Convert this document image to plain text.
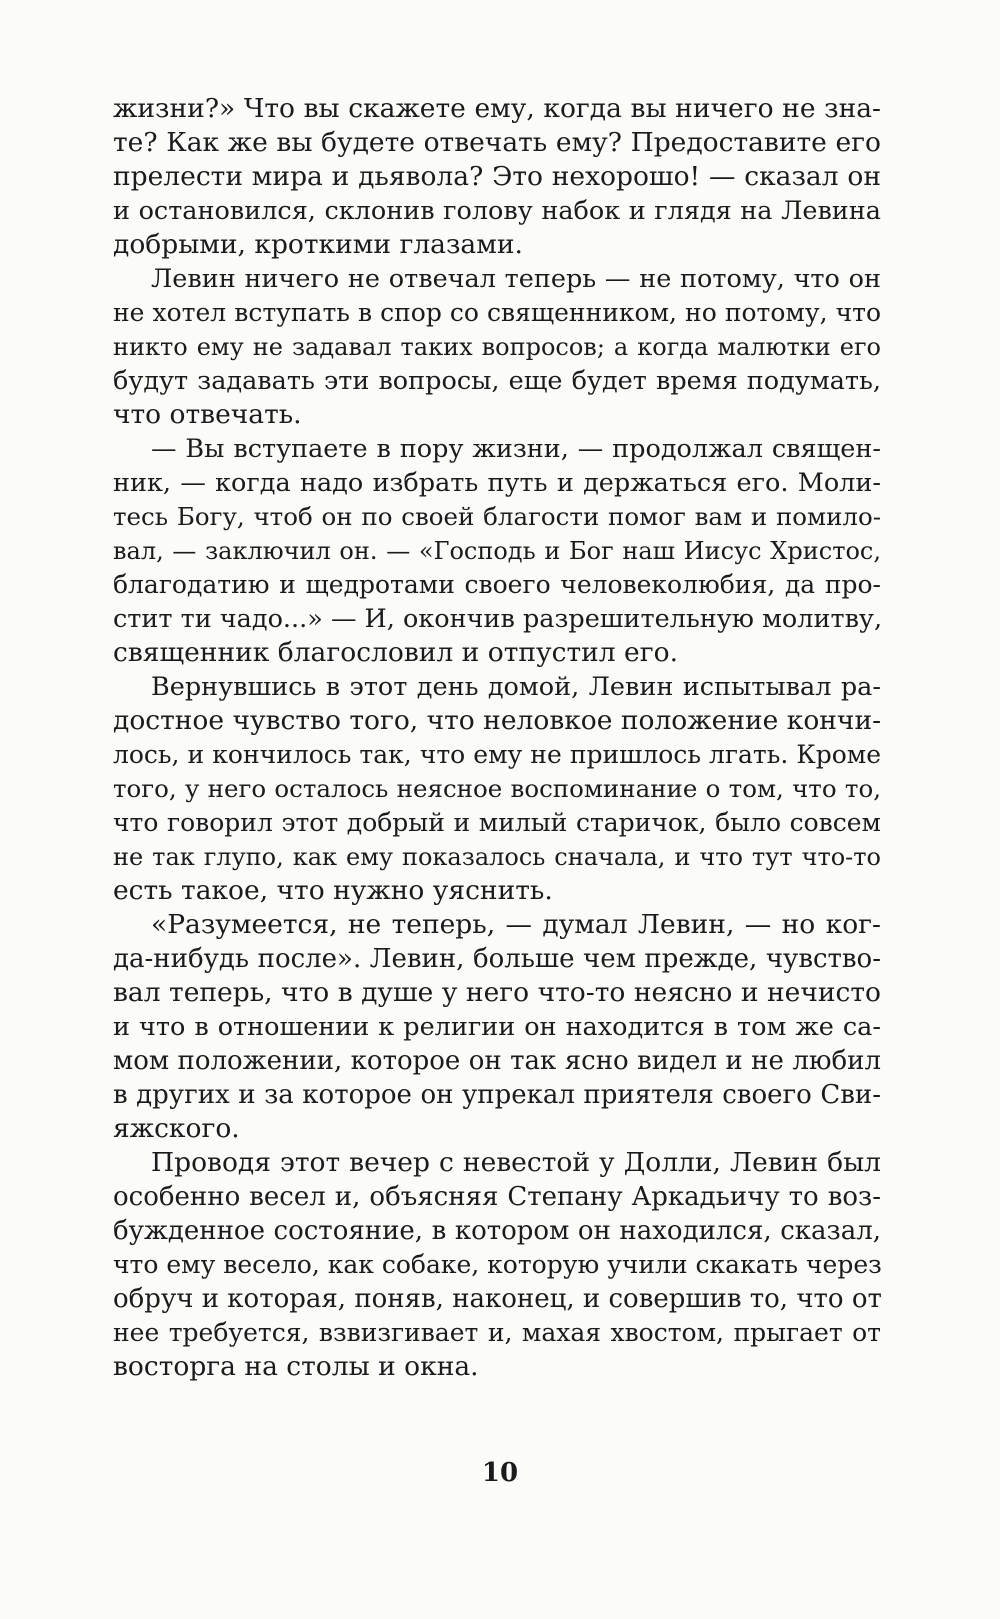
жизни?» Что вы скажете ему, когда вы ничего не зна-
те? Как же вы будете отвечать ему? Предоставите его
прелести мира и дьявола? Это нехорошо! — сказал он
и остановился, склонив голову набок и глядя на Левина
добрыми, кроткими глазами.
Левин ничего не отвечал теперь — не потому, что он
не хотел вступать в спор со священником, но потому, что
никто ему не задавал таких вопросов; а когда малютки его
будут задавать эти вопросы, еще будет время подумать,
что отвечать.
— Вы вступаете в пору жизни, — продолжал священ-
ник, — когда надо избрать путь и держаться его. Моли-
тесь Богу, чтоб он по своей благости помог вам и помило-
вал, — заключил он. — «Господь и Бог наш Иисус Христос,
благодатию и щедротами своего человеколюбия, да про-
стит ти чадо...» — И, окончив разрешительную молитву,
священник благословил и отпустил его.
Вернувшись в этот день домой, Левин испытывал ра-
достное чувство того, что неловкое положение кончи-
лось, и кончилось так, что ему не пришлось лгать. Кроме
того, у него осталось неясное воспоминание о том, что то,
что говорил этот добрый и милый старичок, было совсем
не так глупо, как ему показалось сначала, и что тут что-то
есть такое, что нужно уяснить.
«Разумеется, не теперь, — думал Левин, — но ког-
да-нибудь после». Левин, больше чем прежде, чувство-
вал теперь, что в душе у него что-то неясно и нечисто
и что в отношении к религии он находится в том же са-
мом положении, которое он так ясно видел и не любил
в других и за которое он упрекал приятеля своего Сви-
яжского.
Проводя этот вечер с невестой у Долли, Левин был
особенно весел и, объясняя Степану Аркадьичу то воз-
бужденное состояние, в котором он находился, сказал,
что ему весело, как собаке, которую учили скакать через
обруч и которая, поняв, наконец, и совершив то, что от
нее требуется, взвизгивает и, махая хвостом, прыгает от
восторга на столы и окна.
10
